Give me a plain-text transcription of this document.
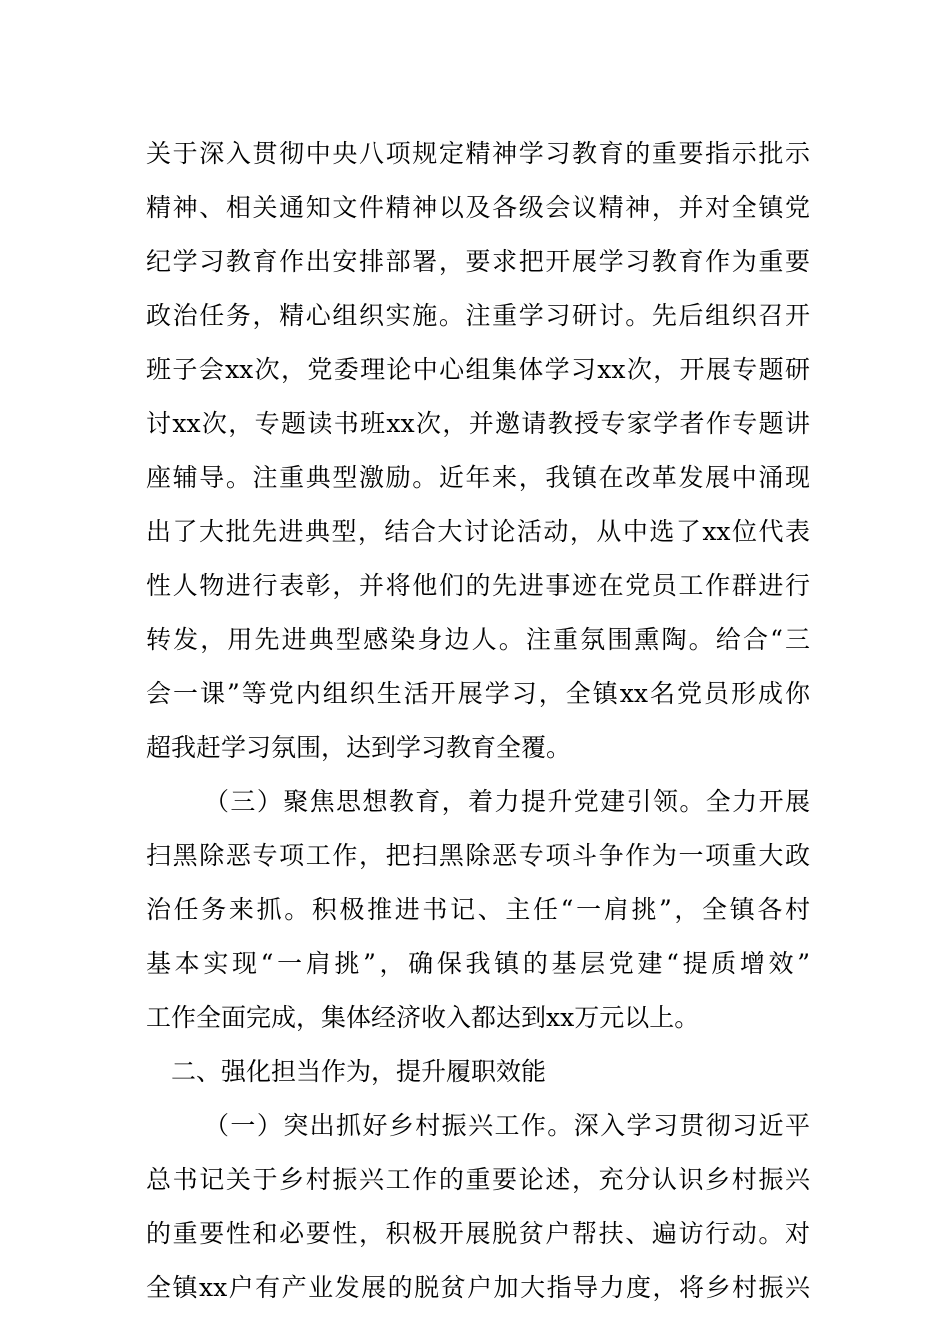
关于深入贯彻中央八项规定精神学习教育的重要指示批示
精神、相关通知文件精神以及各级会议精神，并对全镇党
纪学习教育作出安排部署，要求把开展学习教育作为重要
政治任务，精心组织实施。注重学习研讨。先后组织召开
班子会xx次，党委理论中心组集体学习xx次，开展专题研
讨xx次，专题读书班xx次，并邀请教授专家学者作专题讲
座辅导。注重典型激励。近年来，我镇在改革发展中涌现
出了大批先进典型，结合大讨论活动，从中选了xx位代表
性人物进行表彰，并将他们的先进事迹在党员工作群进行
转发，用先进典型感染身边人。注重氛围熏陶。给合“三
会一课”等党内组织生活开展学习，全镇xx名党员形成你
超我赶学习氛围，达到学习教育全覆。
（三）聚焦思想教育，着力提升党建引领。全力开展
扫黑除恶专项工作，把扫黑除恶专项斗争作为一项重大政
治任务来抓。积极推进书记、主任“一肩挑”，全镇各村
基本实现“一肩挑”，确保我镇的基层党建“提质增效”
工作全面完成，集体经济收入都达到xx万元以上。
二、强化担当作为，提升履职效能
（一）突出抓好乡村振兴工作。深入学习贯彻习近平
总书记关于乡村振兴工作的重要论述，充分认识乡村振兴
的重要性和必要性，积极开展脱贫户帮扶、遍访行动。对
全镇xx户有产业发展的脱贫户加大指导力度，将乡村振兴
